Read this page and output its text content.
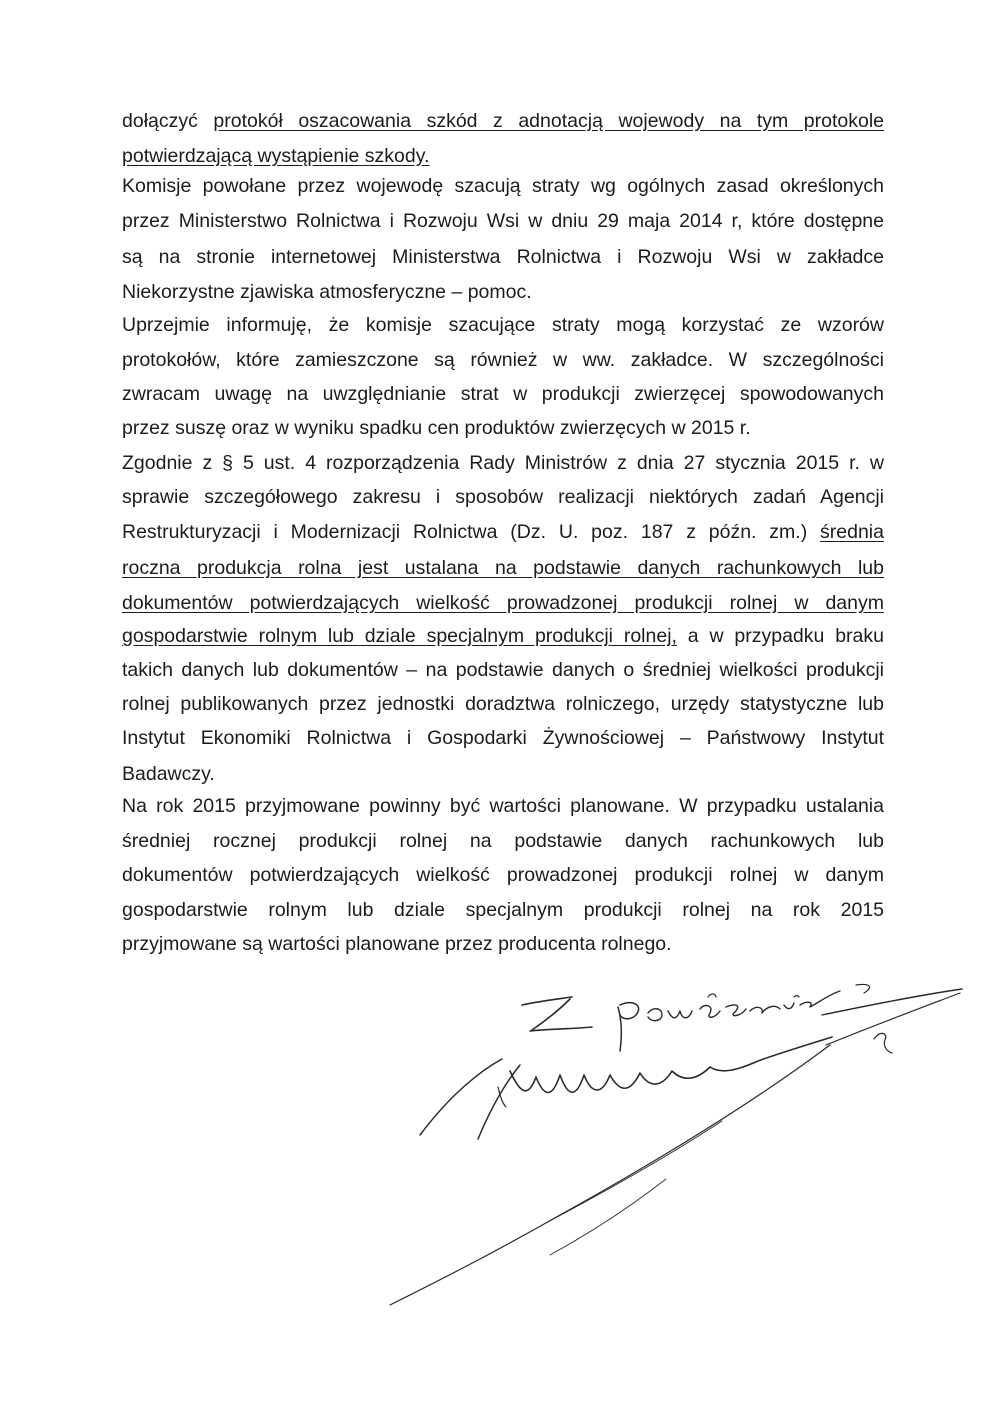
dołączyć protokół oszacowania szkód z adnotacją wojewody na tym protokole
potwierdzającą wystąpienie szkody.
Komisje powołane przez wojewodę szacują straty wg ogólnych zasad określonych
przez Ministerstwo Rolnictwa i Rozwoju Wsi w dniu 29 maja 2014 r, które dostępne
są na stronie internetowej Ministerstwa Rolnictwa i Rozwoju Wsi w zakładce
Niekorzystne zjawiska atmosferyczne – pomoc.
Uprzejmie informuję, że komisje szacujące straty mogą korzystać ze wzorów
protokołów, które zamieszczone są również w ww. zakładce. W szczególności
zwracam uwagę na uwzględnianie strat w produkcji zwierzęcej spowodowanych
przez suszę oraz w wyniku spadku cen produktów zwierzęcych w 2015 r.
Zgodnie z § 5 ust. 4 rozporządzenia Rady Ministrów z dnia 27 stycznia 2015 r. w
sprawie szczegółowego zakresu i sposobów realizacji niektórych zadań Agencji
Restrukturyzacji i Modernizacji Rolnictwa (Dz. U. poz. 187 z późn. zm.) średnia
roczna produkcja rolna jest ustalana na podstawie danych rachunkowych lub
dokumentów potwierdzających wielkość prowadzonej produkcji rolnej w danym
gospodarstwie rolnym lub dziale specjalnym produkcji rolnej, a w przypadku braku
takich danych lub dokumentów – na podstawie danych o średniej wielkości produkcji
rolnej publikowanych przez jednostki doradztwa rolniczego, urzędy statystyczne lub
Instytut Ekonomiki Rolnictwa i Gospodarki Żywnościowej – Państwowy Instytut
Badawczy.
Na rok 2015 przyjmowane powinny być wartości planowane. W przypadku ustalania
średniej rocznej produkcji rolnej na podstawie danych rachunkowych lub
dokumentów potwierdzających wielkość prowadzonej produkcji rolnej w danym
gospodarstwie rolnym lub dziale specjalnym produkcji rolnej na rok 2015
przyjmowane są wartości planowane przez producenta rolnego.
